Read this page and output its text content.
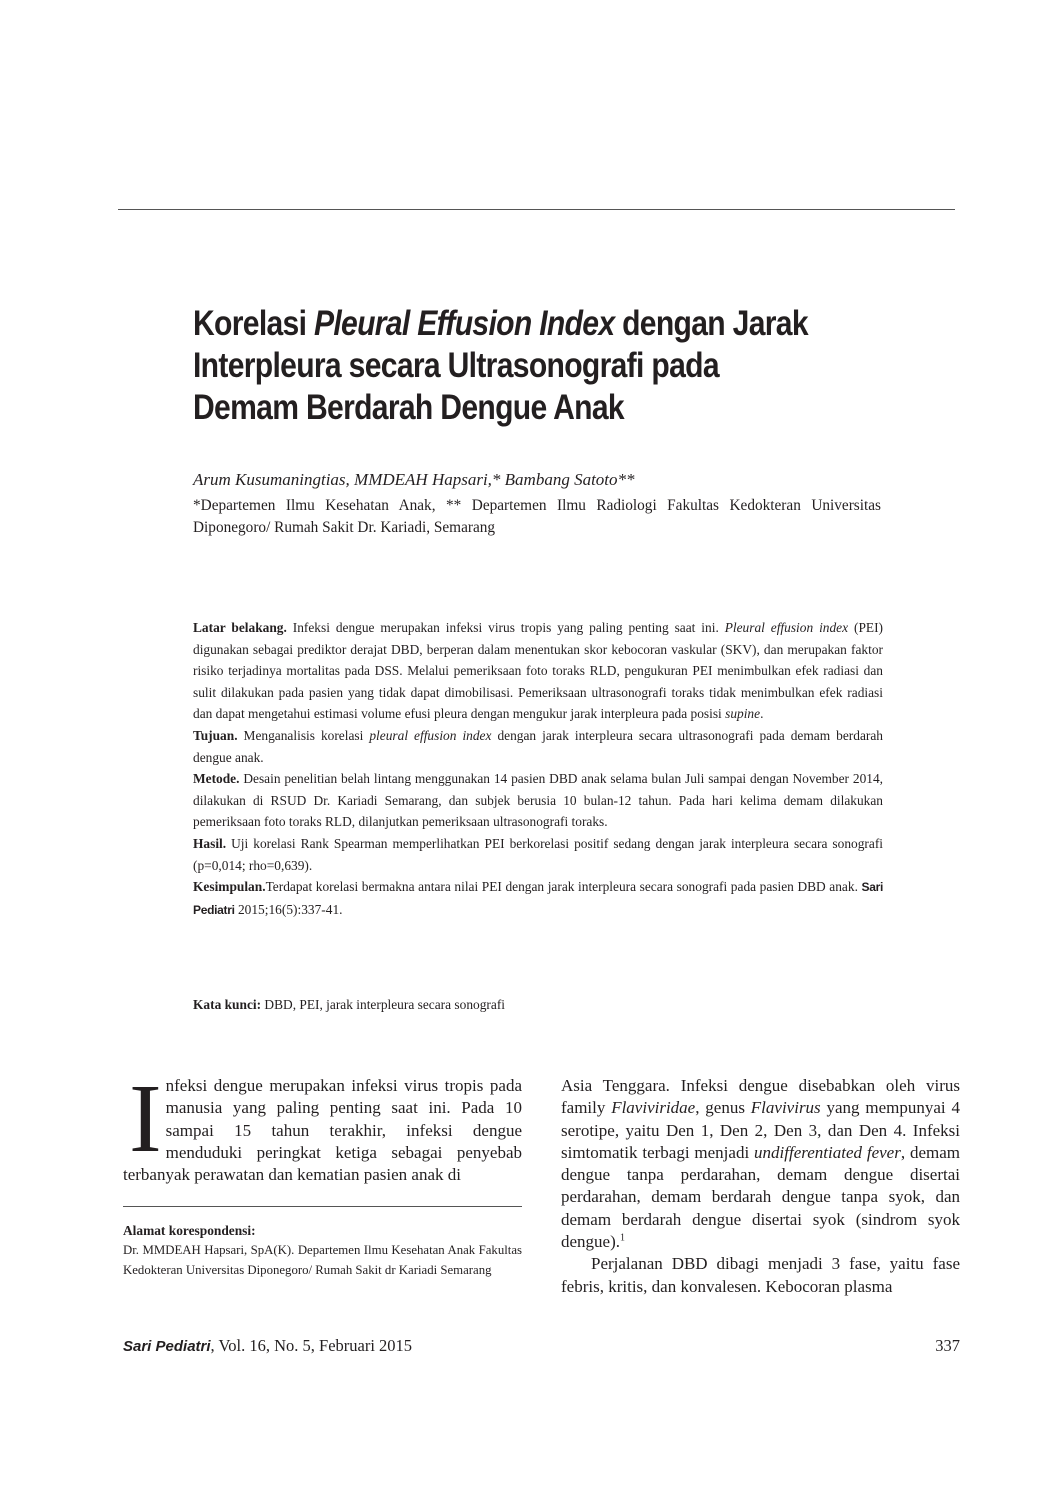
Korelasi Pleural Effusion Index dengan Jarak
Interpleura secara Ultrasonografi pada
Demam Berdarah Dengue Anak
Arum Kusumaningtias, MMDEAH Hapsari,* Bambang Satoto**
*Departemen Ilmu Kesehatan Anak, ** Departemen Ilmu Radiologi Fakultas Kedokteran Universitas Diponegoro/ Rumah Sakit Dr. Kariadi, Semarang

Latar belakang. Infeksi dengue merupakan infeksi virus tropis yang paling penting saat ini. Pleural effusion index (PEI) digunakan sebagai prediktor derajat DBD, berperan dalam menentukan skor kebocoran vaskular (SKV), dan merupakan faktor risiko terjadinya mortalitas pada DSS. Melalui pemeriksaan foto toraks RLD, pengukuran PEI menimbulkan efek radiasi dan sulit dilakukan pada pasien yang tidak dapat dimobilisasi. Pemeriksaan ultrasonografi toraks tidak menimbulkan efek radiasi dan dapat mengetahui estimasi volume efusi pleura dengan mengukur jarak interpleura pada posisi supine.

Tujuan. Menganalisis korelasi pleural effusion index dengan jarak interpleura secara ultrasonografi pada demam berdarah dengue anak.

Metode. Desain penelitian belah lintang menggunakan 14 pasien DBD anak selama bulan Juli sampai dengan November 2014, dilakukan di RSUD Dr. Kariadi Semarang, dan subjek berusia 10 bulan-12 tahun. Pada hari kelima demam dilakukan pemeriksaan foto toraks RLD, dilanjutkan pemeriksaan ultrasonografi toraks.

Hasil. Uji korelasi Rank Spearman memperlihatkan PEI berkorelasi positif sedang dengan jarak interpleura secara sonografi (p=0,014; rho=0,639).

Kesimpulan.Terdapat korelasi bermakna antara nilai PEI dengan jarak interpleura secara sonografi pada pasien DBD anak. Sari Pediatri 2015;16(5):337-41.

Kata kunci: DBD, PEI, jarak interpleura secara sonografi
Infeksi dengue merupakan infeksi virus tropis pada manusia yang paling penting saat ini. Pada 10 sampai 15 tahun terakhir, infeksi dengue menduduki peringkat ketiga sebagai penyebab terbanyak perawatan dan kematian pasien anak di

Asia Tenggara. Infeksi dengue disebabkan oleh virus family Flaviviridae, genus Flavivirus yang mempunyai 4 serotipe, yaitu Den 1, Den 2, Den 3, dan Den 4. Infeksi simtomatik terbagi menjadi undifferentiated fever, demam dengue tanpa perdarahan, demam dengue disertai perdarahan, demam berdarah dengue tanpa syok, dan demam berdarah dengue disertai syok (sindrom syok dengue).$^1$

Perjalanan DBD dibagi menjadi 3 fase, yaitu fase febris, kritis, dan konvalesen. Kebocoran plasma

Alamat korespondensi:
Dr. MMDEAH Hapsari, SpA(K). Departemen Ilmu Kesehatan Anak Fakultas Kedokteran Universitas Diponegoro/ Rumah Sakit dr Kariadi Semarang
Sari Pediatri, Vol. 16, No. 5, Februari 2015	337
